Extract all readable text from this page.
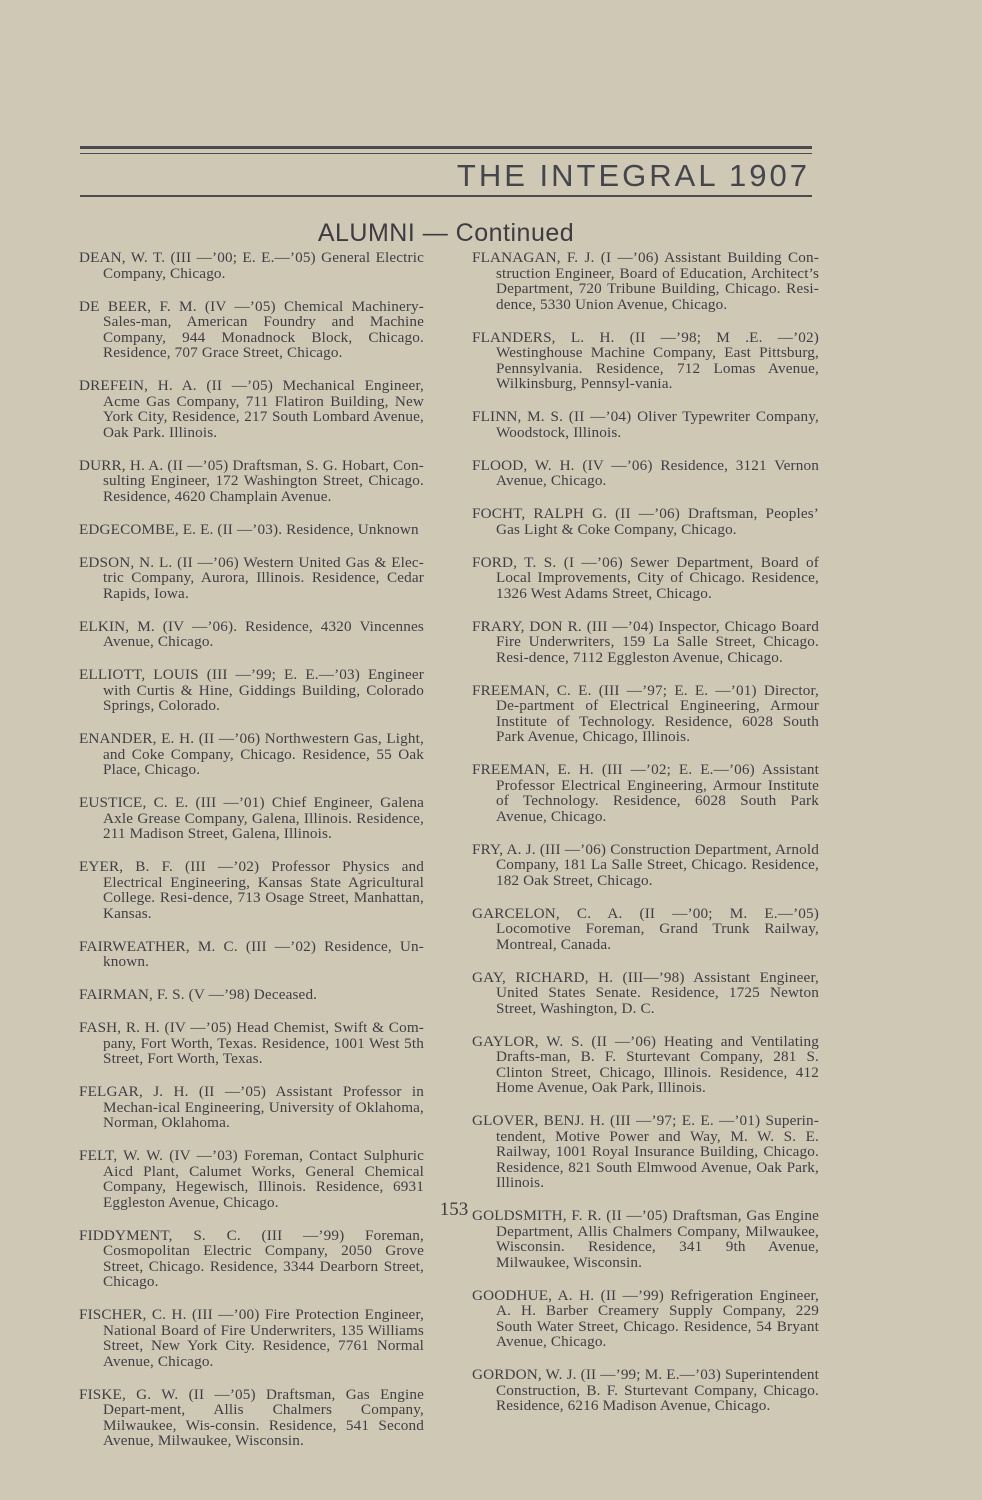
THE INTEGRAL 1907
ALUMNI — Continued

DEAN, W. T. (III —’00; E. E.—’05) General Electric Company, Chicago.

DE BEER, F. M. (IV —’05) Chemical Machinery-Sales-man, American Foundry and Machine Company, 944 Monadnock Block, Chicago. Residence, 707 Grace Street, Chicago.

DREFEIN, H. A. (II —’05) Mechanical Engineer, Acme Gas Company, 711 Flatiron Building, New York City, Residence, 217 South Lombard Avenue, Oak Park. Illinois.

DURR, H. A. (II —’05) Draftsman, S. G. Hobart, Con-sulting Engineer, 172 Washington Street, Chicago. Residence, 4620 Champlain Avenue.

EDGECOMBE, E. E. (II —’03). Residence, Unknown

EDSON, N. L. (II —’06) Western United Gas & Elec-tric Company, Aurora, Illinois. Residence, Cedar Rapids, Iowa.

ELKIN, M. (IV —’06). Residence, 4320 Vincennes Avenue, Chicago.

ELLIOTT, LOUIS (III —’99; E. E.—’03) Engineer with Curtis & Hine, Giddings Building, Colorado Springs, Colorado.

ENANDER, E. H. (II —’06) Northwestern Gas, Light, and Coke Company, Chicago. Residence, 55 Oak Place, Chicago.

EUSTICE, C. E. (III —’01) Chief Engineer, Galena Axle Grease Company, Galena, Illinois. Residence, 211 Madison Street, Galena, Illinois.

EYER, B. F. (III —’02) Professor Physics and Electrical Engineering, Kansas State Agricultural College. Resi-dence, 713 Osage Street, Manhattan, Kansas.

FAIRWEATHER, M. C. (III —’02) Residence, Un-known.

FAIRMAN, F. S. (V —’98) Deceased.

FASH, R. H. (IV —’05) Head Chemist, Swift & Com-pany, Fort Worth, Texas. Residence, 1001 West 5th Street, Fort Worth, Texas.

FELGAR, J. H. (II —’05) Assistant Professor in Mechan-ical Engineering, University of Oklahoma, Norman, Oklahoma.

FELT, W. W. (IV —’03) Foreman, Contact Sulphuric Aicd Plant, Calumet Works, General Chemical Company, Hegewisch, Illinois. Residence, 6931 Eggleston Avenue, Chicago.

FIDDYMENT, S. C. (III —’99) Foreman, Cosmopolitan Electric Company, 2050 Grove Street, Chicago. Residence, 3344 Dearborn Street, Chicago.

FISCHER, C. H. (III —’00) Fire Protection Engineer, National Board of Fire Underwriters, 135 Williams Street, New York City. Residence, 7761 Normal Avenue, Chicago.

FISKE, G. W. (II —’05) Draftsman, Gas Engine Depart-ment, Allis Chalmers Company, Milwaukee, Wis-consin. Residence, 541 Second Avenue, Milwaukee, Wisconsin.

FLANAGAN, F. J. (I —’06) Assistant Building Con-struction Engineer, Board of Education, Architect’s Department, 720 Tribune Building, Chicago. Resi-dence, 5330 Union Avenue, Chicago.

FLANDERS, L. H. (II —’98; M .E. —’02) Westinghouse Machine Company, East Pittsburg, Pennsylvania. Residence, 712 Lomas Avenue, Wilkinsburg, Pennsyl-vania.

FLINN, M. S. (II —’04) Oliver Typewriter Company, Woodstock, Illinois.

FLOOD, W. H. (IV —’06) Residence, 3121 Vernon Avenue, Chicago.

FOCHT, RALPH G. (II —’06) Draftsman, Peoples’ Gas Light & Coke Company, Chicago.

FORD, T. S. (I —’06) Sewer Department, Board of Local Improvements, City of Chicago. Residence, 1326 West Adams Street, Chicago.

FRARY, DON R. (III —’04) Inspector, Chicago Board Fire Underwriters, 159 La Salle Street, Chicago. Resi-dence, 7112 Eggleston Avenue, Chicago.

FREEMAN, C. E. (III —’97; E. E. —’01) Director, De-partment of Electrical Engineering, Armour Institute of Technology. Residence, 6028 South Park Avenue, Chicago, Illinois.

FREEMAN, E. H. (III —’02; E. E.—’06) Assistant Professor Electrical Engineering, Armour Institute of Technology. Residence, 6028 South Park Avenue, Chicago.

FRY, A. J. (III —’06) Construction Department, Arnold Company, 181 La Salle Street, Chicago. Residence, 182 Oak Street, Chicago.

GARCELON, C. A. (II —’00; M. E.—’05) Locomotive Foreman, Grand Trunk Railway, Montreal, Canada.

GAY, RICHARD, H. (III—’98) Assistant Engineer, United States Senate. Residence, 1725 Newton Street, Washington, D. C.

GAYLOR, W. S. (II —’06) Heating and Ventilating Drafts-man, B. F. Sturtevant Company, 281 S. Clinton Street, Chicago, Illinois. Residence, 412 Home Avenue, Oak Park, Illinois.

GLOVER, BENJ. H. (III —’97; E. E. —’01) Superin-tendent, Motive Power and Way, M. W. S. E. Railway, 1001 Royal Insurance Building, Chicago. Residence, 821 South Elmwood Avenue, Oak Park, Illinois.

GOLDSMITH, F. R. (II —’05) Draftsman, Gas Engine Department, Allis Chalmers Company, Milwaukee, Wisconsin. Residence, 341 9th Avenue, Milwaukee, Wisconsin.

GOODHUE, A. H. (II —’99) Refrigeration Engineer, A. H. Barber Creamery Supply Company, 229 South Water Street, Chicago. Residence, 54 Bryant Avenue, Chicago.

GORDON, W. J. (II —’99; M. E.—’03) Superintendent Construction, B. F. Sturtevant Company, Chicago. Residence, 6216 Madison Avenue, Chicago.

153
